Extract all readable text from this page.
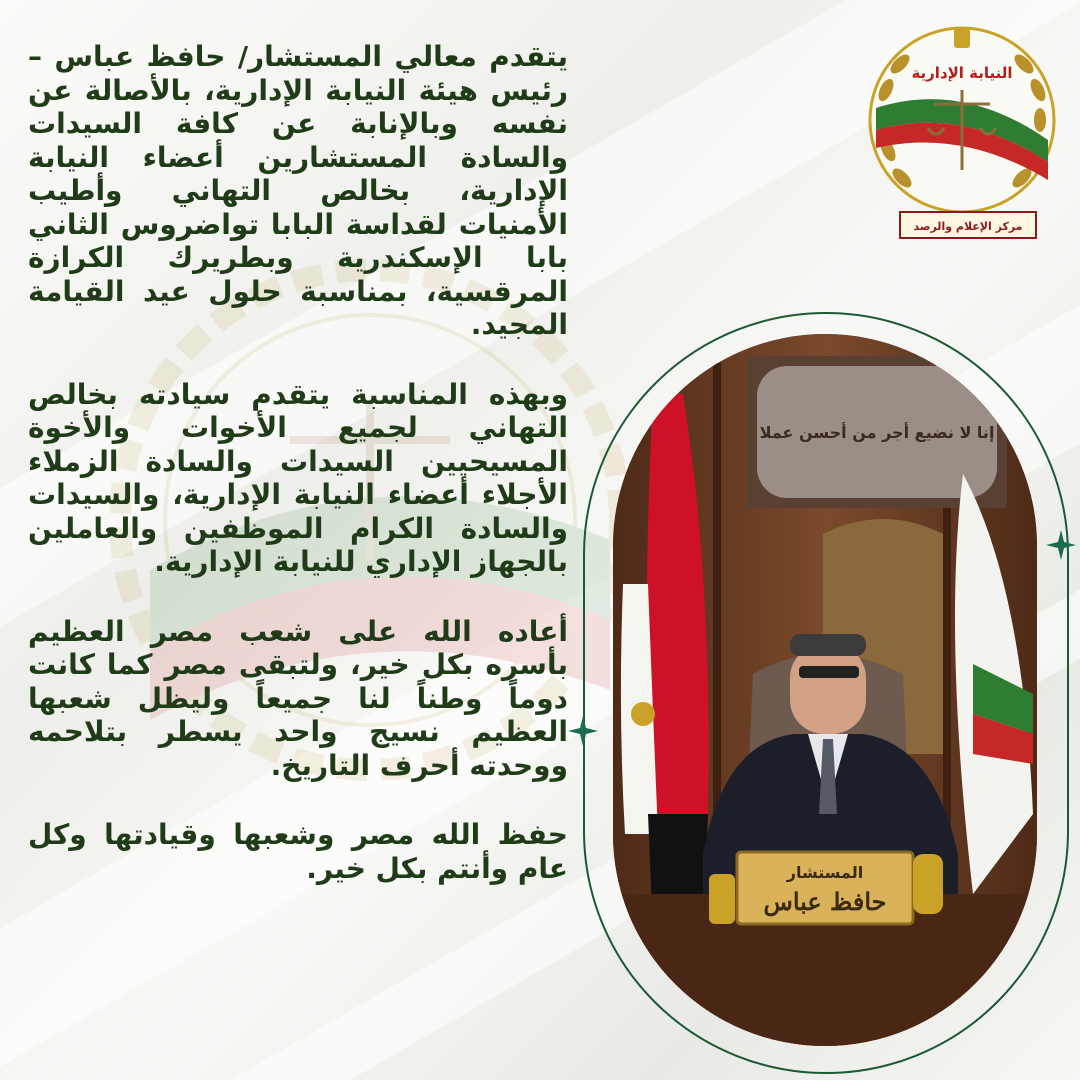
يتقدم معالي المستشار/ حافظ عباس – رئيس هيئة النيابة الإدارية، بالأصالة عن نفسه وبالإنابة عن كافة السيدات والسادة المستشارين أعضاء النيابة الإدارية، بخالص التهاني وأطيب الأمنيات لقداسة البابا تواضروس الثاني بابا الإسكندرية وبطريرك الكرازة المرقسية، بمناسبة حلول عيد القيامة المجيد.

وبهذه المناسبة يتقدم سيادته بخالص التهاني لجميع الأخوات والأخوة المسيحيين السيدات والسادة الزملاء الأجلاء أعضاء النيابة الإدارية، والسيدات والسادة الكرام الموظفين والعاملين بالجهاز الإداري للنيابة الإدارية.

أعاده الله على شعب مصر العظيم بأسره بكل خير، ولتبقى مصر كما كانت دوماً وطناً لنا جميعاً وليظل شعبها العظيم نسيج واحد يسطر بتلاحمه ووحدته أحرف التاريخ.

حفظ الله مصر وشعبها وقيادتها وكل عام وأنتم بكل خير.

النيابة الإدارية
مركز الإعلام والرصد
إنا لا نضيع أجر من أحسن عملا
المستشار
حافظ عباس
